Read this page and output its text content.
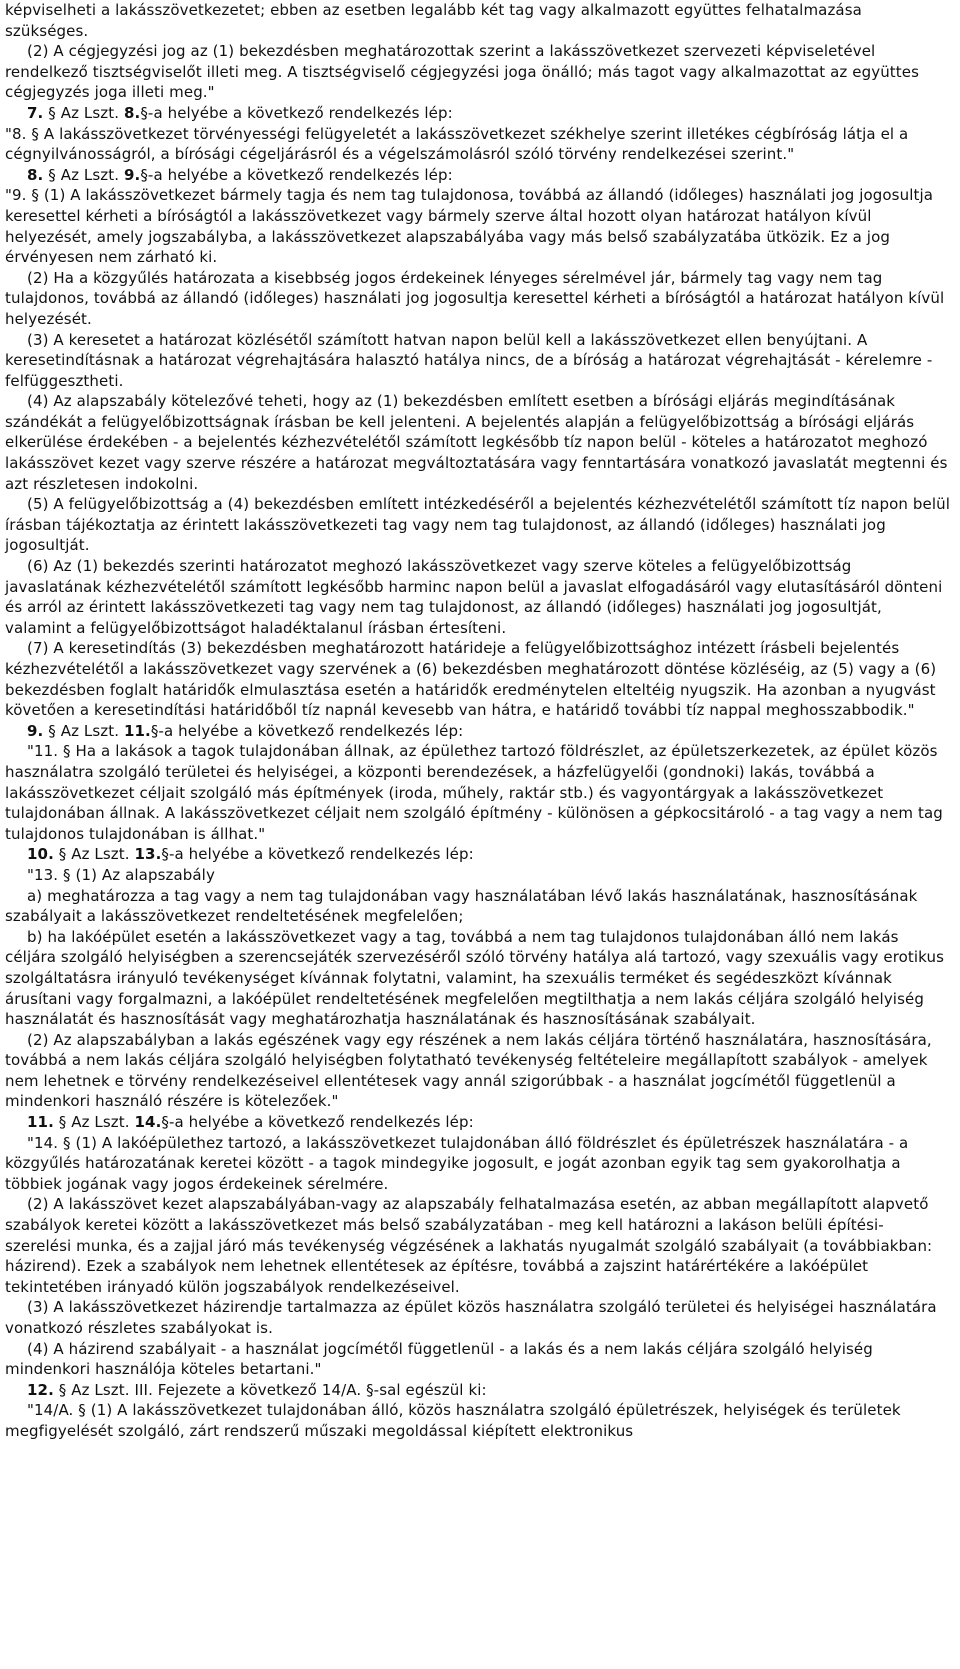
képviselheti a lakásszövetkezetet; ebben az esetben legalább két tag vagy alkalmazott együttes felhatalmazása szükséges.

(2) A cégjegyzési jog az (1) bekezdésben meghatározottak szerint a lakásszövetkezet szervezeti képviseletével rendelkező tisztségviselőt illeti meg. A tisztségviselő cégjegyzési joga önálló; más tagot vagy alkalmazottat az együttes cégjegyzés joga illeti meg."

7. § Az Lszt. 8.§-a helyébe a következő rendelkezés lép:

"8. § A lakásszövetkezet törvényességi felügyeletét a lakásszövetkezet székhelye szerint illetékes cégbíróság látja el a cégnyilvánosságról, a bírósági cégeljárásról és a végelszámolásról szóló törvény rendelkezései szerint."

8. § Az Lszt. 9.§-a helyébe a következő rendelkezés lép:

"9. § (1) A lakásszövetkezet bármely tagja és nem tag tulajdonosa, továbbá az állandó (időleges) használati jog jogosultja keresettel kérheti a bíróságtól a lakásszövetkezet vagy bármely szerve által hozott olyan határozat hatályon kívül helyezését, amely jogszabályba, a lakásszövetkezet alapszabályába vagy más belső szabályzatába ütközik. Ez a jog érvényesen nem zárható ki.

(2) Ha a közgyűlés határozata a kisebbség jogos érdekeinek lényeges sérelmével jár, bármely tag vagy nem tag tulajdonos, továbbá az állandó (időleges) használati jog jogosultja keresettel kérheti a bíróságtól a határozat hatályon kívül helyezését.

(3) A keresetet a határozat közlésétől számított hatvan napon belül kell a lakásszövetkezet ellen benyújtani. A keresetindításnak a határozat végrehajtására halasztó hatálya nincs, de a bíróság a határozat végrehajtását - kérelemre - felfüggesztheti.

(4) Az alapszabály kötelezővé teheti, hogy az (1) bekezdésben említett esetben a bírósági eljárás megindításának szándékát a felügyelőbizottságnak írásban be kell jelenteni. A bejelentés alapján a felügyelőbizottság a bírósági eljárás elkerülése érdekében - a bejelentés kézhezvételétől számított legkésőbb tíz napon belül - köteles a határozatot meghozó lakásszövet kezet vagy szerve részére a határozat megváltoztatására vagy fenntartására vonatkozó javaslatát megtenni és azt részletesen indokolni.

(5) A felügyelőbizottság a (4) bekezdésben említett intézkedéséről a bejelentés kézhezvételétől számított tíz napon belül írásban tájékoztatja az érintett lakásszövetkezeti tag vagy nem tag tulajdonost, az állandó (időleges) használati jog jogosultját.

(6) Az (1) bekezdés szerinti határozatot meghozó lakásszövetkezet vagy szerve köteles a felügyelőbizottság javaslatának kézhezvételétől számított legkésőbb harminc napon belül a javaslat elfogadásáról vagy elutasításáról dönteni és arról az érintett lakásszövetkezeti tag vagy nem tag tulajdonost, az állandó (időleges) használati jog jogosultját, valamint a felügyelőbizottságot haladéktalanul írásban értesíteni.

(7) A keresetindítás (3) bekezdésben meghatározott határideje a felügyelőbizottsághoz intézett írásbeli bejelentés kézhezvételétől a lakásszövetkezet vagy szervének a (6) bekezdésben meghatározott döntése közléséig, az (5) vagy a (6) bekezdésben foglalt határidők elmulasztása esetén a határidők eredménytelen elteltéig nyugszik. Ha azonban a nyugvást követően a keresetindítási határidőből tíz napnál kevesebb van hátra, e határidő további tíz nappal meghosszabbodik."

9. § Az Lszt. 11.§-a helyébe a következő rendelkezés lép:

"11. § Ha a lakások a tagok tulajdonában állnak, az épülethez tartozó földrészlet, az épületszerkezetek, az épület közös használatra szolgáló területei és helyiségei, a központi berendezések, a házfelügyelői (gondnoki) lakás, továbbá a lakásszövetkezet céljait szolgáló más építmények (iroda, műhely, raktár stb.) és vagyontárgyak a lakásszövetkezet tulajdonában állnak. A lakásszövetkezet céljait nem szolgáló építmény - különösen a gépkocsitároló - a tag vagy a nem tag tulajdonos tulajdonában is állhat."

10. § Az Lszt. 13.§-a helyébe a következő rendelkezés lép:

"13. § (1) Az alapszabály

a) meghatározza a tag vagy a nem tag tulajdonában vagy használatában lévő lakás használatának, hasznosításának szabályait a lakásszövetkezet rendeltetésének megfelelően;

b) ha lakóépület esetén a lakásszövetkezet vagy a tag, továbbá a nem tag tulajdonos tulajdonában álló nem lakás céljára szolgáló helyiségben a szerencsejáték szervezéséről szóló törvény hatálya alá tartozó, vagy szexuális vagy erotikus szolgáltatásra irányuló tevékenységet kívánnak folytatni, valamint, ha szexuális terméket és segédeszközt kívánnak árusítani vagy forgalmazni, a lakóépület rendeltetésének megfelelően megtilthatja a nem lakás céljára szolgáló helyiség használatát és hasznosítását vagy meghatározhatja használatának és hasznosításának szabályait.

(2) Az alapszabályban a lakás egészének vagy egy részének a nem lakás céljára történő használatára, hasznosítására, továbbá a nem lakás céljára szolgáló helyiségben folytatható tevékenység feltételeire megállapított szabályok - amelyek nem lehetnek e törvény rendelkezéseivel ellentétesek vagy annál szigorúbbak - a használat jogcímétől függetlenül a mindenkori használó részére is kötelezőek."

11. § Az Lszt. 14.§-a helyébe a következő rendelkezés lép:

"14. § (1) A lakóépülethez tartozó, a lakásszövetkezet tulajdonában álló földrészlet és épületrészek használatára - a közgyűlés határozatának keretei között - a tagok mindegyike jogosult, e jogát azonban egyik tag sem gyakorolhatja a többiek jogának vagy jogos érdekeinek sérelmére.

(2) A lakásszövet kezet alapszabályában-vagy az alapszabály felhatalmazása esetén, az abban megállapított alapvető szabályok keretei között a lakásszövetkezet más belső szabályzatában - meg kell határozni a lakáson belüli építési-szerelési munka, és a zajjal járó más tevékenység végzésének a lakhatás nyugalmát szolgáló szabályait (a továbbiakban: házirend). Ezek a szabályok nem lehetnek ellentétesek az építésre, továbbá a zajszint határértékére a lakóépület tekintetében irányadó külön jogszabályok rendelkezéseivel.

(3) A lakásszövetkezet házirendje tartalmazza az épület közös használatra szolgáló területei és helyiségei használatára vonatkozó részletes szabályokat is.

(4) A házirend szabályait - a használat jogcímétől függetlenül - a lakás és a nem lakás céljára szolgáló helyiség mindenkori használója köteles betartani."

12. § Az Lszt. III. Fejezete a következő 14/A. §-sal egészül ki:

"14/A. § (1) A lakásszövetkezet tulajdonában álló, közös használatra szolgáló épületrészek, helyiségek és területek megfigyelését szolgáló, zárt rendszerű műszaki megoldással kiépített elektronikus
